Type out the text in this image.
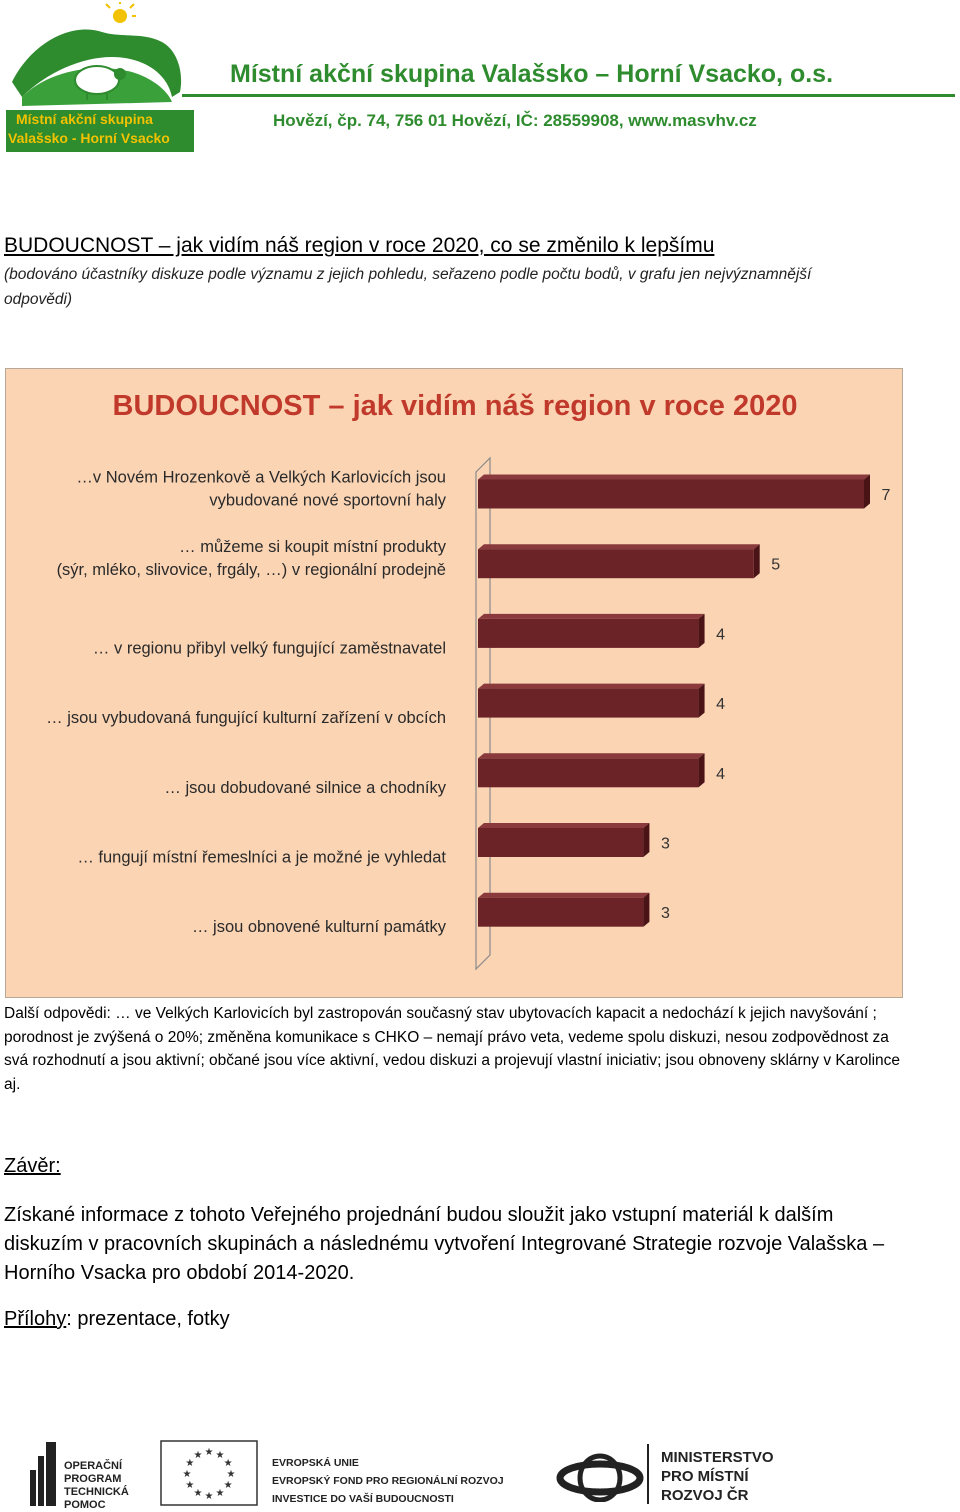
Místní akční skupina
Valašsko - Horní Vsacko
Místní akční skupina Valašsko – Horní Vsacko, o.s.
Hovězí, čp. 74, 756 01 Hovězí, IČ: 28559908, www.masvhv.cz
BUDOUCNOST – jak vidím náš region v roce 2020, co se změnilo k lepšímu
(bodováno účastníky diskuze podle významu z jejich pohledu, seřazeno podle počtu bodů, v grafu jen nejvýznamnější odpovědi)
BUDOUCNOST – jak vidím náš region v roce 2020
7
…v Novém Hrozenkově a Velkých Karlovicích jsou
vybudované nové sportovní haly
5
… můžeme si koupit místní produkty
(sýr, mléko, slivovice, frgály, …) v regionální prodejně
4
… v regionu přibyl velký fungující zaměstnavatel
4
… jsou vybudovaná fungující kulturní zařízení v obcích
4
… jsou dobudované silnice a chodníky
3
… fungují místní řemeslníci a je možné je vyhledat
3
… jsou obnovené kulturní památky
Další odpovědi: … ve Velkých Karlovicích byl zastropován současný stav ubytovacích kapacit a nedochází k jejich navyšování ; porodnost je zvýšená o 20%; změněna komunikace s CHKO – nemají právo veta, vedeme spolu diskuzi, nesou zodpovědnost za svá rozhodnutí a jsou aktivní; občané jsou více aktivní, vedou diskuzi a projevují vlastní iniciativ; jsou obnoveny sklárny v Karolince aj.
Závěr:
Získané informace z tohoto Veřejného projednání budou sloužit jako vstupní materiál k dalším diskuzím v pracovních skupinách a následnému vytvoření Integrované Strategie rozvoje Valašska – Horního Vsacka pro období 2014-2020.
Přílohy: prezentace, fotky
OPERAČNÍ
PROGRAM
TECHNICKÁ
POMOC
★
★
★
★
★
★
★
★
★ ★ ★
★	EVROPSKÁ UNIE
EVROPSKÝ FOND PRO REGIONÁLNÍ ROZVOJ
INVESTICE DO VAŠÍ BUDOUCNOSTI
MINISTERSTVO
PRO MÍSTNÍ
ROZVOJ ČR
